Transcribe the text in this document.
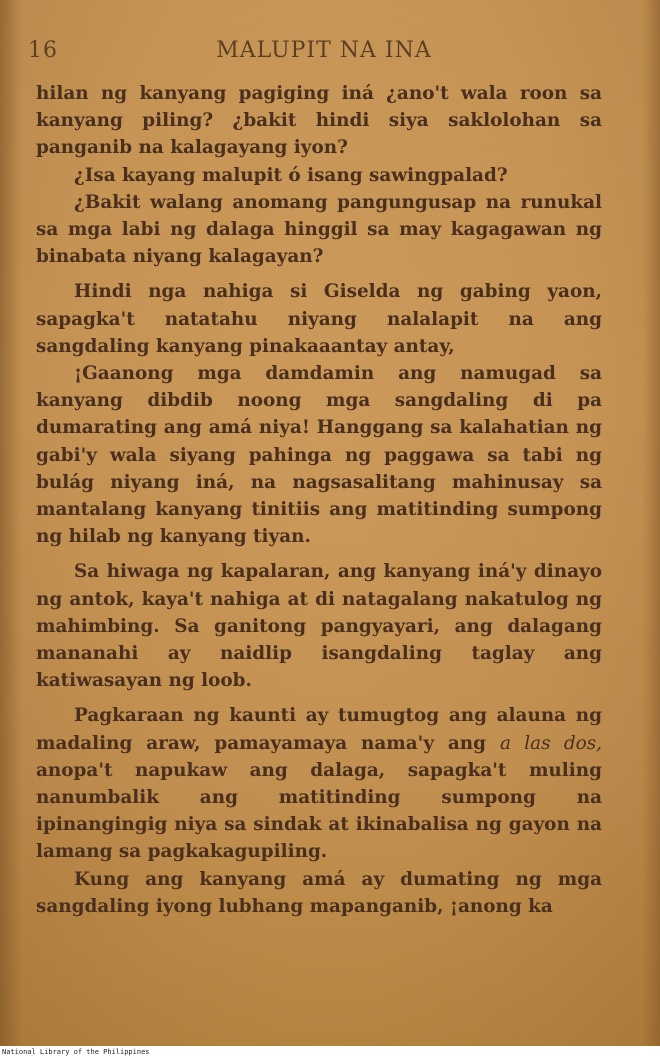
16	MALUPIT NA INA

hilan ng kanyang pagiging iná ¿ano't wala roon sa kanyang piling? ¿bakit hindi siya saklolohan sa panganib na kalagayang iyon?

¿Isa kayang malupit ó isang sawingpalad?

¿Bakit walang anomang pangungusap na runukal sa mga labi ng dalaga hinggil sa may kagagawan ng binabata niyang kalagayan?

Hindi nga nahiga si Giselda ng gabing yaon, sapagka't natatahu niyang nalalapit na ang sangdaling kanyang pinakaaantay antay,

¡Gaanong mga damdamin ang namugad sa kanyang dibdib noong mga sangdaling di pa dumarating ang amá niya! Hanggang sa kalahatian ng gabi'y wala siyang pahinga ng paggawa sa tabi ng bulág niyang iná, na nagsasalitang mahinusay sa mantalang kanyang tinitiis ang matitinding sumpong ng hilab ng kanyang tiyan.

Sa hiwaga ng kapalaran, ang kanyang iná'y dinayo ng antok, kaya't nahiga at di natagalang nakatulog ng mahimbing. Sa ganitong pangyayari, ang dalagang mananahi ay naidlip isangdaling taglay ang katiwasayan ng loob.

Pagkaraan ng kaunti ay tumugtog ang alauna ng madaling araw, pamayamaya nama'y ang a las dos, anopa't napukaw ang dalaga, sapagka't muling nanumbalik ang matitinding sumpong na ipinangingig niya sa sindak at ikinabalisa ng gayon na lamang sa pagkakagupiling.

Kung ang kanyang amá ay dumating ng mga sangdaling iyong lubhang mapanganib, ¡anong ka

National Library of the Philippines
